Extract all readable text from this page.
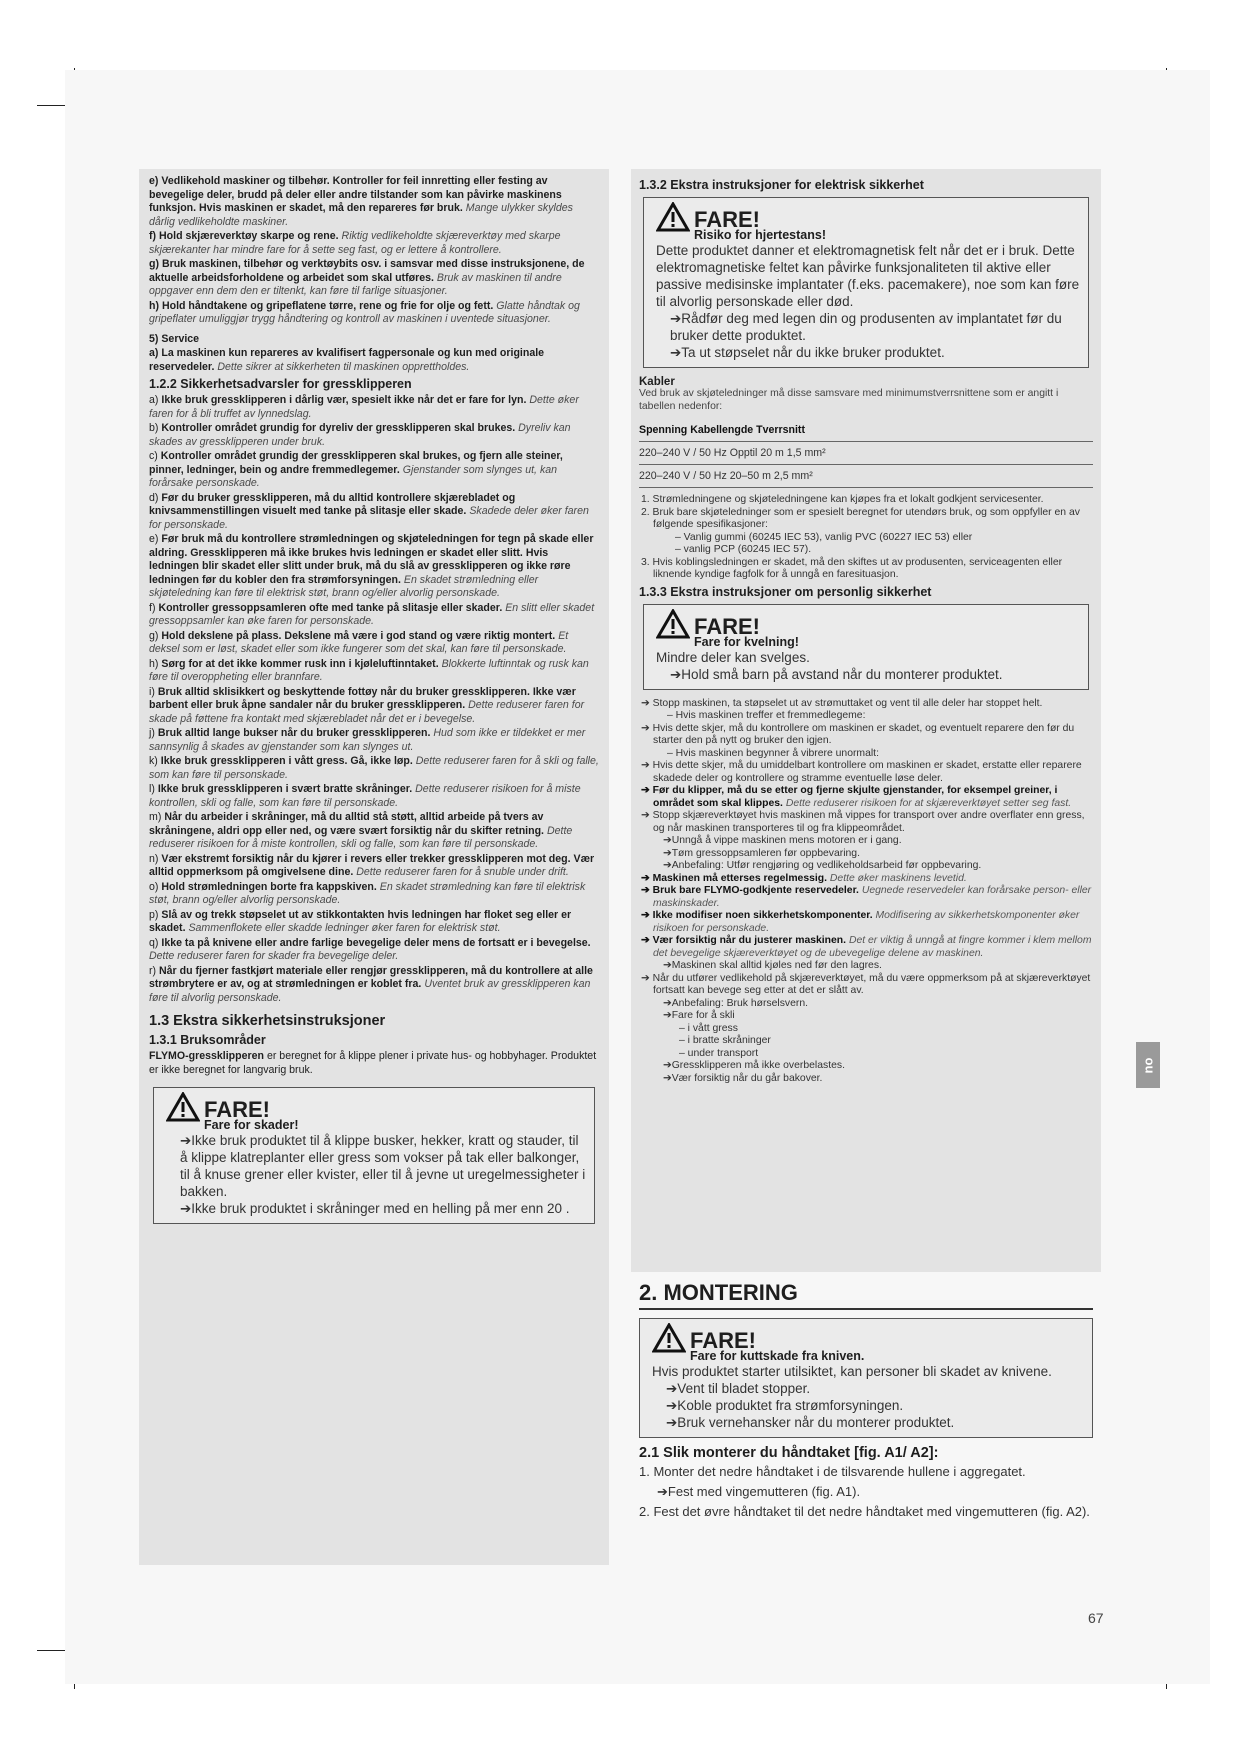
e) Vedlikehold maskiner og tilbehør. Kontroller for feil innretting eller festing av bevegelige deler, brudd på deler eller andre tilstander som kan påvirke maskinens funksjon. Hvis maskinen er skadet, må den repareres før bruk. Mange ulykker skyldes dårlig vedlikeholdte maskiner.
f) Hold skjæreverktøy skarpe og rene. Riktig vedlikeholdte skjæreverktøy med skarpe skjærekanter har mindre fare for å sette seg fast, og er lettere å kontrollere.
g) Bruk maskinen, tilbehør og verktøybits osv. i samsvar med disse instruksjonene, de aktuelle arbeidsforholdene og arbeidet som skal utføres. Bruk av maskinen til andre oppgaver enn dem den er tiltenkt, kan føre til farlige situasjoner.
h) Hold håndtakene og gripeflatene tørre, rene og frie for olje og fett. Glatte håndtak og gripeflater umuliggjør trygg håndtering og kontroll av maskinen i uventede situasjoner.
5) Service
a) La maskinen kun repareres av kvalifisert fagpersonale og kun med originale reservedeler. Dette sikrer at sikkerheten til maskinen opprettholdes.
1.2.2 Sikkerhetsadvarsler for gressklipperen
a) Ikke bruk gressklipperen i dårlig vær, spesielt ikke når det er fare for lyn. Dette øker faren for å bli truffet av lynnedslag.
b) Kontroller området grundig for dyreliv der gressklipperen skal brukes. Dyreliv kan skades av gressklipperen under bruk.
c) Kontroller området grundig der gressklipperen skal brukes, og fjern alle steiner, pinner, ledninger, bein og andre fremmedlegemer. Gjenstander som slynges ut, kan forårsake personskade.
d) Før du bruker gressklipperen, må du alltid kontrollere skjærebladet og knivsammenstillingen visuelt med tanke på slitasje eller skade. Skadede deler øker faren for personskade.
e) Før bruk må du kontrollere strømledningen og skjøteledningen for tegn på skade eller aldring. Gressklipperen må ikke brukes hvis ledningen er skadet eller slitt. Hvis ledningen blir skadet eller slitt under bruk, må du slå av gressklipperen og ikke røre ledningen før du kobler den fra strømforsyningen. En skadet strømledning eller skjøteledning kan føre til elektrisk støt, brann og/eller alvorlig personskade.
f) Kontroller gressoppsamleren ofte med tanke på slitasje eller skader. En slitt eller skadet gressoppsamler kan øke faren for personskade.
g) Hold dekslene på plass. Dekslene må være i god stand og være riktig montert. Et deksel som er løst, skadet eller som ikke fungerer som det skal, kan føre til personskade.
h) Sørg for at det ikke kommer rusk inn i kjøleluftinntaket. Blokkerte luftinntak og rusk kan føre til overoppheting eller brannfare.
i) Bruk alltid sklisikkert og beskyttende fottøy når du bruker gressklipperen. Ikke vær barbent eller bruk åpne sandaler når du bruker gressklipperen. Dette reduserer faren for skade på føttene fra kontakt med skjærebladet når det er i bevegelse.
j) Bruk alltid lange bukser når du bruker gressklipperen. Hud som ikke er tildekket er mer sannsynlig å skades av gjenstander som kan slynges ut.
k) Ikke bruk gressklipperen i vått gress. Gå, ikke løp. Dette reduserer faren for å skli og falle, som kan føre til personskade.
l) Ikke bruk gressklipperen i svært bratte skråninger. Dette reduserer risikoen for å miste kontrollen, skli og falle, som kan føre til personskade.
m) Når du arbeider i skråninger, må du alltid stå støtt, alltid arbeide på tvers av skråningene, aldri opp eller ned, og være svært forsiktig når du skifter retning. Dette reduserer risikoen for å miste kontrollen, skli og falle, som kan føre til personskade.
n) Vær ekstremt forsiktig når du kjører i revers eller trekker gressklipperen mot deg. Vær alltid oppmerksom på omgivelsene dine. Dette reduserer faren for å snuble under drift.
o) Hold strømledningen borte fra kappskiven. En skadet strømledning kan føre til elektrisk støt, brann og/eller alvorlig personskade.
p) Slå av og trekk støpselet ut av stikkontakten hvis ledningen har floket seg eller er skadet. Sammenflokete eller skadde ledninger øker faren for elektrisk støt.
q) Ikke ta på knivene eller andre farlige bevegelige deler mens de fortsatt er i bevegelse. Dette reduserer faren for skader fra bevegelige deler.
r) Når du fjerner fastkjørt materiale eller rengjør gressklipperen, må du kontrollere at alle strømbrytere er av, og at strømledningen er koblet fra. Uventet bruk av gressklipperen kan føre til alvorlig personskade.
1.3 Ekstra sikkerhetsinstruksjoner
1.3.1 Bruksområder
FLYMO-gressklipperen er beregnet for å klippe plener i private hus- og hobbyhager. Produktet er ikke beregnet for langvarig bruk.
FARE!
Fare for skader!
➔Ikke bruk produktet til å klippe busker, hekker, kratt og stauder, til å klippe klatreplanter eller gress som vokser på tak eller balkonger, til å knuse grener eller kvister, eller til å jevne ut uregelmessigheter i bakken.
➔Ikke bruk produktet i skråninger med en helling på mer enn 20 .
1.3.2 Ekstra instruksjoner for elektrisk sikkerhet
FARE!
Risiko for hjertestans!
Dette produktet danner et elektromagnetisk felt når det er i bruk. Dette elektromagnetiske feltet kan påvirke funksjonaliteten til aktive eller passive medisinske implantater (f.eks. pacemakere), noe som kan føre til alvorlig personskade eller død.
➔Rådfør deg med legen din og produsenten av implantatet før du bruker dette produktet.
➔Ta ut støpselet når du ikke bruker produktet.
Kabler
Ved bruk av skjøteledninger må disse samsvare med minimumstverrsnittene som er angitt i tabellen nedenfor:
Spenning Kabellengde Tverrsnitt
220–240 V / 50 Hz Opptil 20 m 1,5 mm²
220–240 V / 50 Hz 20–50 m 2,5 mm²
1. Strømledningene og skjøteledningene kan kjøpes fra et lokalt godkjent servicesenter.
2. Bruk bare skjøteledninger som er spesielt beregnet for utendørs bruk, og som oppfyller en av følgende spesifikasjoner:
– Vanlig gummi (60245 IEC 53), vanlig PVC (60227 IEC 53) eller
– vanlig PCP (60245 IEC 57).
3. Hvis koblingsledningen er skadet, må den skiftes ut av produsenten, serviceagenten eller liknende kyndige fagfolk for å unngå en faresituasjon.
1.3.3 Ekstra instruksjoner om personlig sikkerhet
FARE!
Fare for kvelning!
Mindre deler kan svelges.
➔Hold små barn på avstand når du monterer produktet.
➔ Stopp maskinen, ta støpselet ut av strømuttaket og vent til alle deler har stoppet helt.
– Hvis maskinen treffer et fremmedlegeme:
➔ Hvis dette skjer, må du kontrollere om maskinen er skadet, og eventuelt reparere den før du starter den på nytt og bruker den igjen.
– Hvis maskinen begynner å vibrere unormalt:
➔ Hvis dette skjer, må du umiddelbart kontrollere om maskinen er skadet, erstatte eller reparere skadede deler og kontrollere og stramme eventuelle løse deler.
➔ Før du klipper, må du se etter og fjerne skjulte gjenstander, for eksempel greiner, i området som skal klippes. Dette reduserer risikoen for at skjæreverktøyet setter seg fast.
➔ Stopp skjæreverktøyet hvis maskinen må vippes for transport over andre overflater enn gress, og når maskinen transporteres til og fra klippeområdet.
➔Unngå å vippe maskinen mens motoren er i gang.
➔Tøm gressoppsamleren før oppbevaring.
➔Anbefaling: Utfør rengjøring og vedlikeholdsarbeid før oppbevaring.
➔ Maskinen må etterses regelmessig. Dette øker maskinens levetid.
➔ Bruk bare FLYMO-godkjente reservedeler. Uegnede reservedeler kan forårsake person- eller maskinskader.
➔ Ikke modifiser noen sikkerhetskomponenter. Modifisering av sikkerhetskomponenter øker risikoen for personskade.
➔ Vær forsiktig når du justerer maskinen. Det er viktig å unngå at fingre kommer i klem mellom det bevegelige skjæreverktøyet og de ubevegelige delene av maskinen.
➔Maskinen skal alltid kjøles ned før den lagres.
➔ Når du utfører vedlikehold på skjæreverktøyet, må du være oppmerksom på at skjæreverktøyet fortsatt kan bevege seg etter at det er slått av.
➔Anbefaling: Bruk hørselsvern.
➔Fare for å skli
– i vått gress
– i bratte skråninger
– under transport
➔Gressklipperen må ikke overbelastes.
➔Vær forsiktig når du går bakover.
2. MONTERING
FARE!
Fare for kuttskade fra kniven.
Hvis produktet starter utilsiktet, kan personer bli skadet av knivene.
➔Vent til bladet stopper.
➔Koble produktet fra strømforsyningen.
➔Bruk vernehansker når du monterer produktet.
2.1 Slik monterer du håndtaket [fig. A1/ A2]:
1. Monter det nedre håndtaket i de tilsvarende hullene i aggregatet.
➔Fest med vingemutteren (fig. A1).
2. Fest det øvre håndtaket til det nedre håndtaket med vingemutteren (fig. A2).
no
67
